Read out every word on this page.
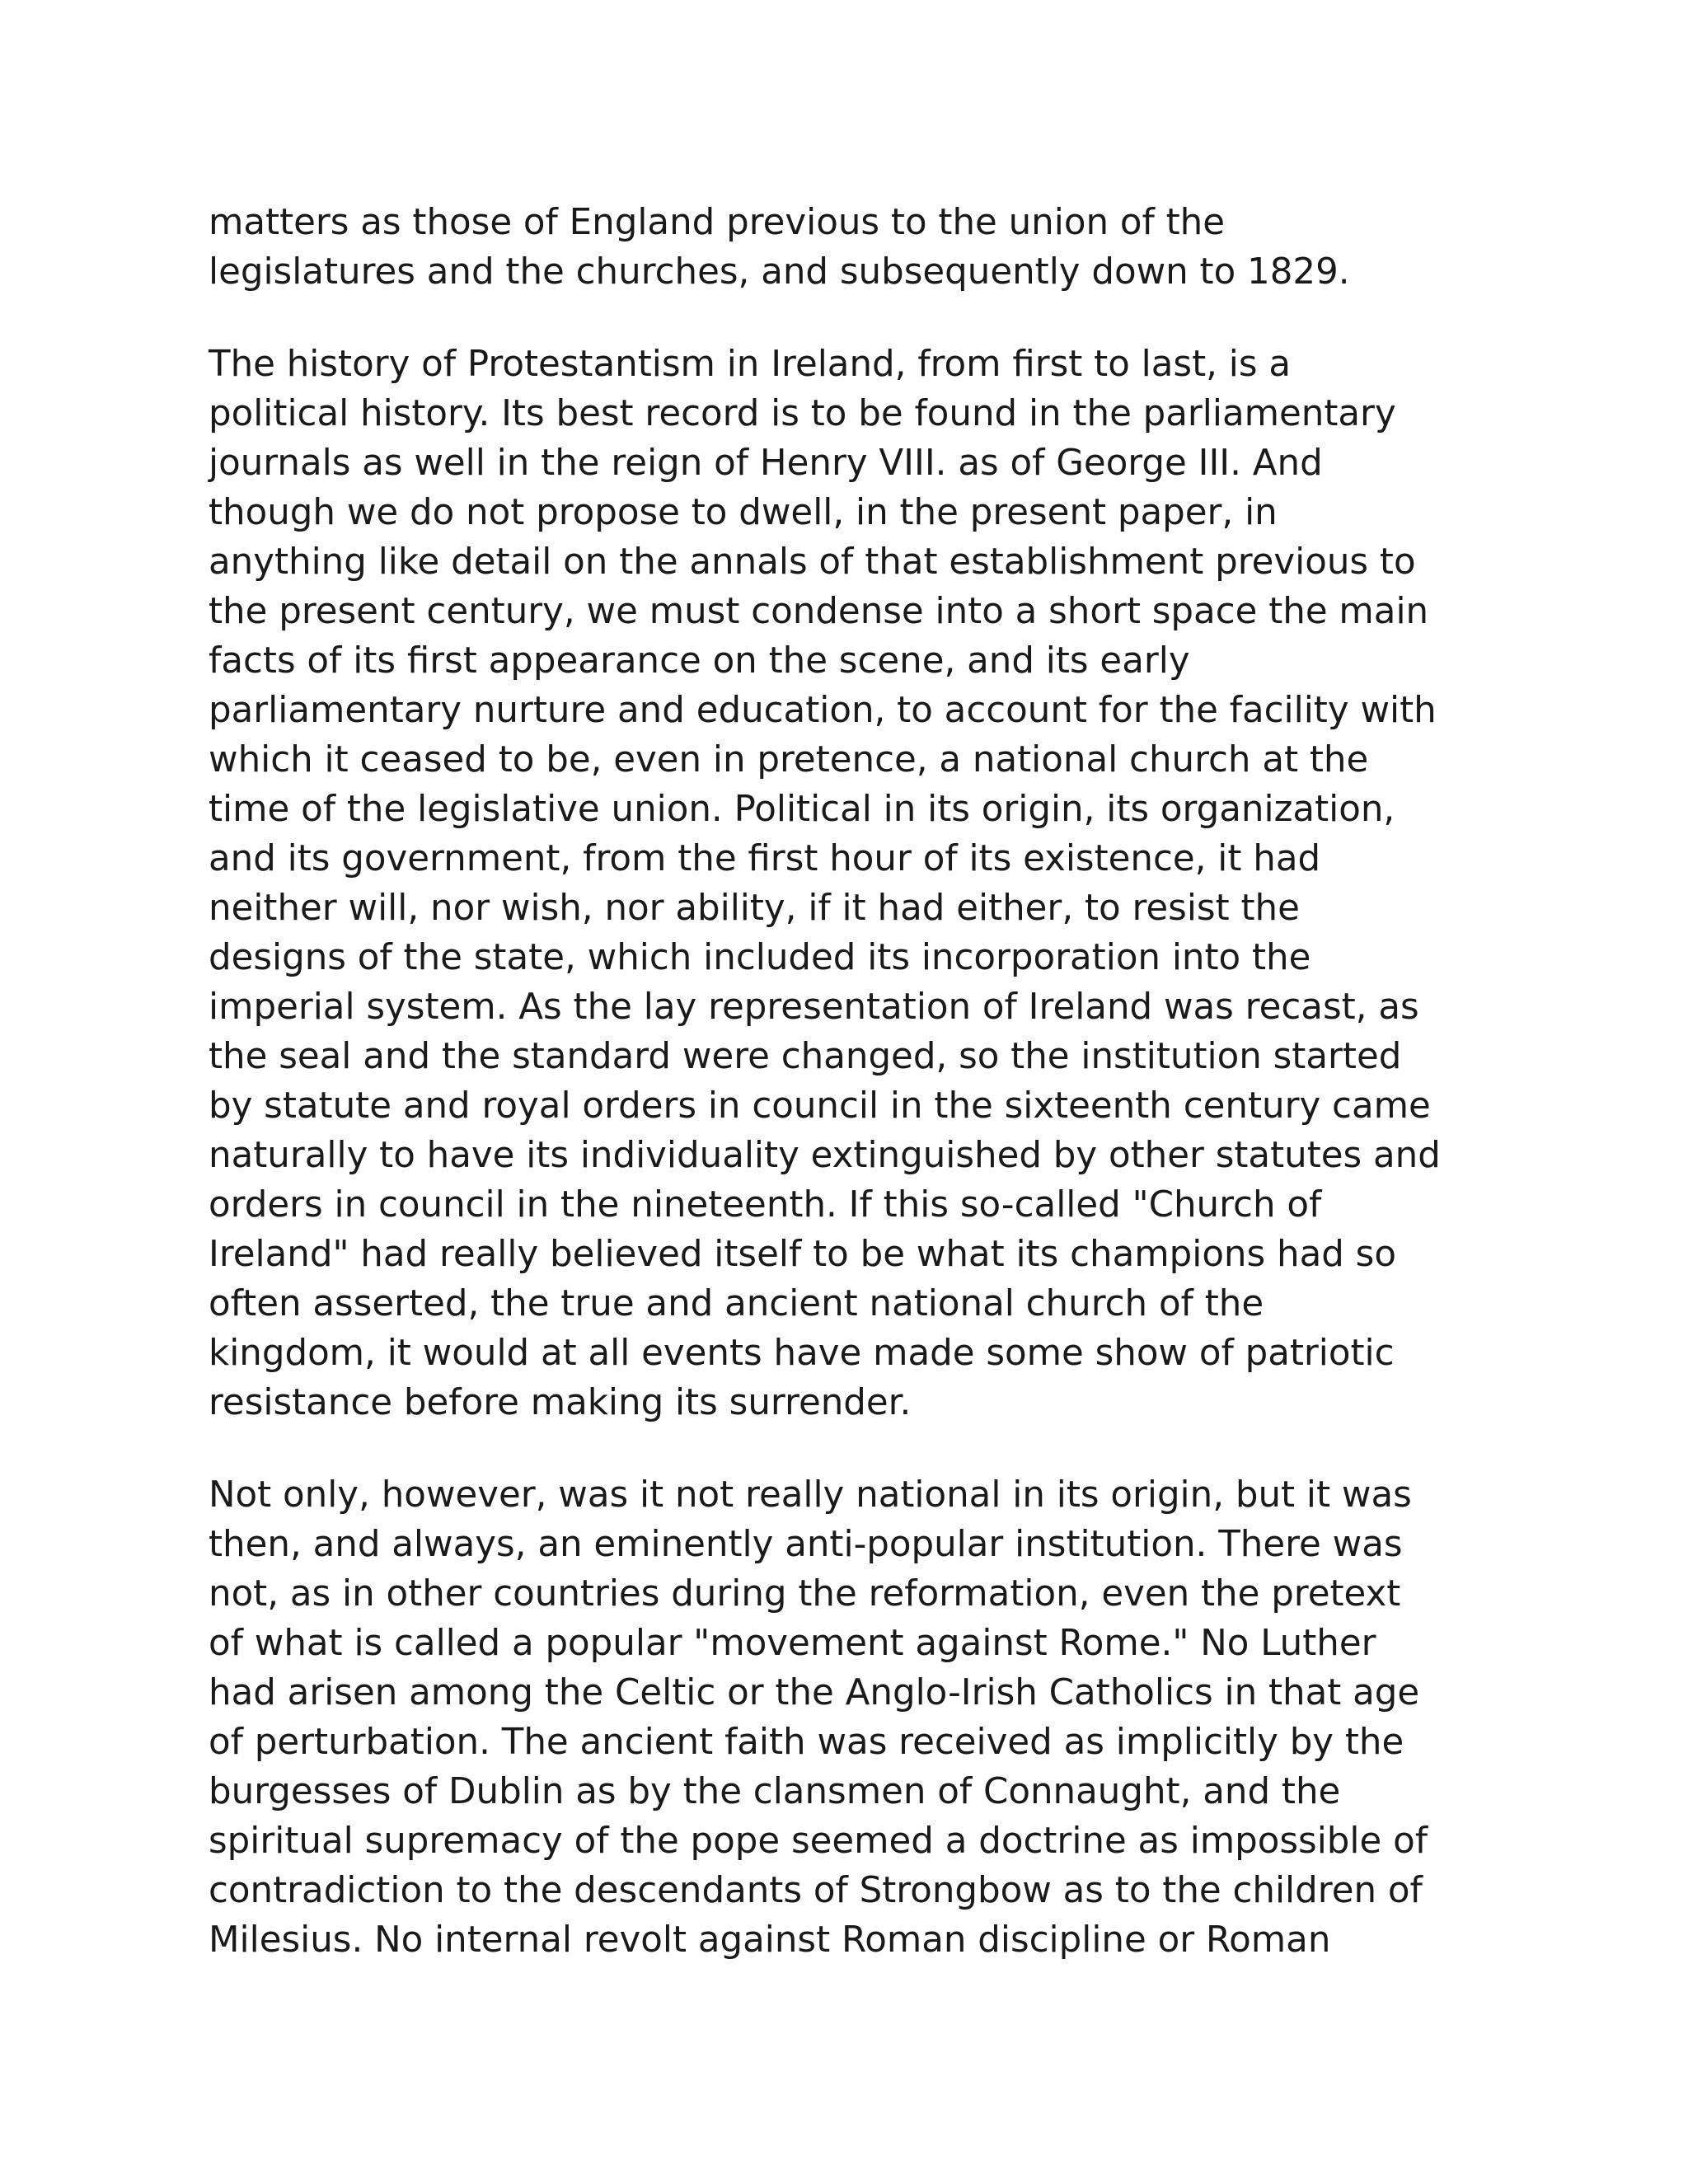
matters as those of England previous to the union of the
legislatures and the churches, and subsequently down to 1829.

The history of Protestantism in Ireland, from first to last, is a
political history. Its best record is to be found in the parliamentary
journals as well in the reign of Henry VIII. as of George III. And
though we do not propose to dwell, in the present paper, in
anything like detail on the annals of that establishment previous to
the present century, we must condense into a short space the main
facts of its first appearance on the scene, and its early
parliamentary nurture and education, to account for the facility with
which it ceased to be, even in pretence, a national church at the
time of the legislative union. Political in its origin, its organization,
and its government, from the first hour of its existence, it had
neither will, nor wish, nor ability, if it had either, to resist the
designs of the state, which included its incorporation into the
imperial system. As the lay representation of Ireland was recast, as
the seal and the standard were changed, so the institution started
by statute and royal orders in council in the sixteenth century came
naturally to have its individuality extinguished by other statutes and
orders in council in the nineteenth. If this so-called "Church of
Ireland" had really believed itself to be what its champions had so
often asserted, the true and ancient national church of the
kingdom, it would at all events have made some show of patriotic
resistance before making its surrender.

Not only, however, was it not really national in its origin, but it was
then, and always, an eminently anti-popular institution. There was
not, as in other countries during the reformation, even the pretext
of what is called a popular "movement against Rome." No Luther
had arisen among the Celtic or the Anglo-Irish Catholics in that age
of perturbation. The ancient faith was received as implicitly by the
burgesses of Dublin as by the clansmen of Connaught, and the
spiritual supremacy of the pope seemed a doctrine as impossible of
contradiction to the descendants of Strongbow as to the children of
Milesius. No internal revolt against Roman discipline or Roman
